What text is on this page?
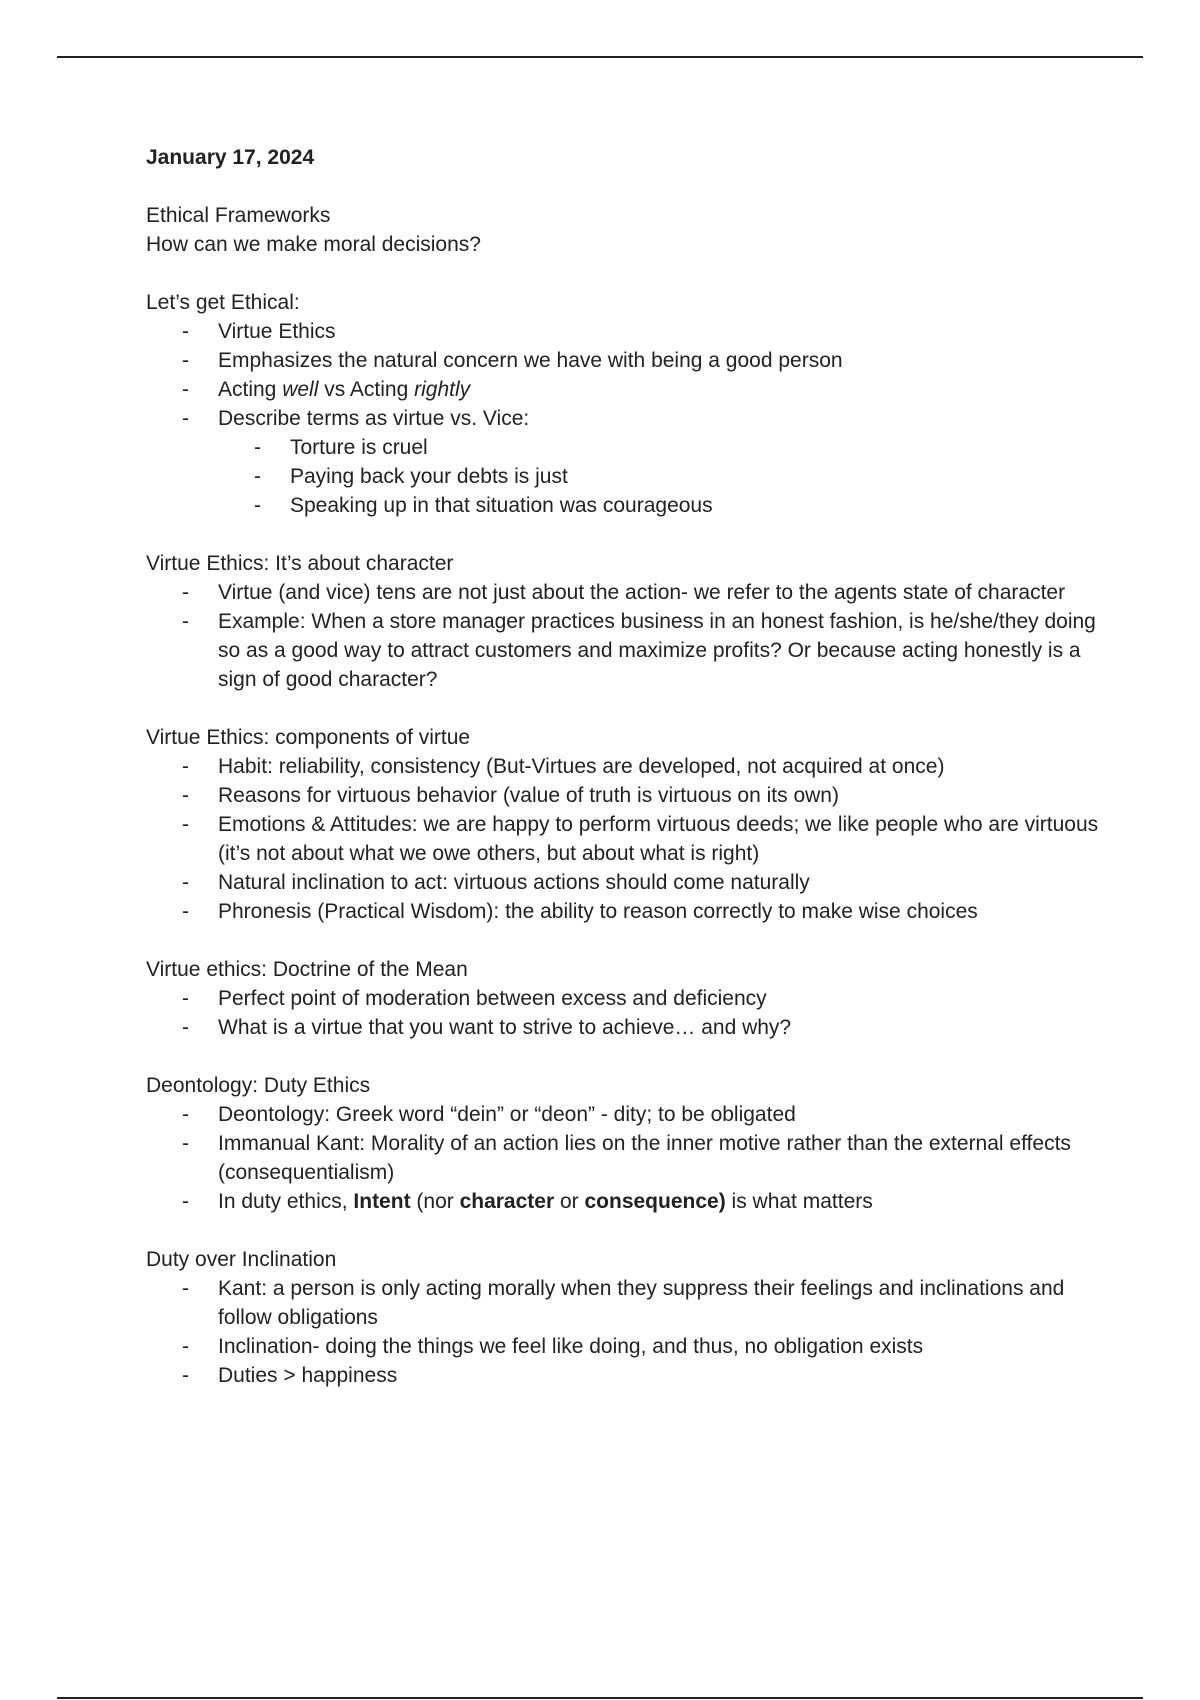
January 17, 2024

Ethical Frameworks

How can we make moral decisions?

Let’s get Ethical:

- Virtue Ethics
- Emphasizes the natural concern we have with being a good person
- Acting well vs Acting rightly
- Describe terms as virtue vs. Vice:
- Torture is cruel
- Paying back your debts is just
- Speaking up in that situation was courageous

Virtue Ethics: It’s about character

- Virtue (and vice) tens are not just about the action- we refer to the agents state of character
- Example: When a store manager practices business in an honest fashion, is he/she/they doing so as a good way to attract customers and maximize profits? Or because acting honestly is a sign of good character?

Virtue Ethics: components of virtue

- Habit: reliability, consistency (But-Virtues are developed, not acquired at once)
- Reasons for virtuous behavior (value of truth is virtuous on its own)
- Emotions & Attitudes: we are happy to perform virtuous deeds; we like people who are virtuous (it’s not about what we owe others, but about what is right)
- Natural inclination to act: virtuous actions should come naturally
- Phronesis (Practical Wisdom): the ability to reason correctly to make wise choices

Virtue ethics: Doctrine of the Mean

- Perfect point of moderation between excess and deficiency
- What is a virtue that you want to strive to achieve… and why?

Deontology: Duty Ethics

- Deontology: Greek word “dein” or “deon” - dity; to be obligated
- Immanual Kant: Morality of an action lies on the inner motive rather than the external effects (consequentialism)
- In duty ethics, Intent (nor character or consequence) is what matters

Duty over Inclination

- Kant: a person is only acting morally when they suppress their feelings and inclinations and follow obligations
- Inclination- doing the things we feel like doing, and thus, no obligation exists
- Duties > happiness
